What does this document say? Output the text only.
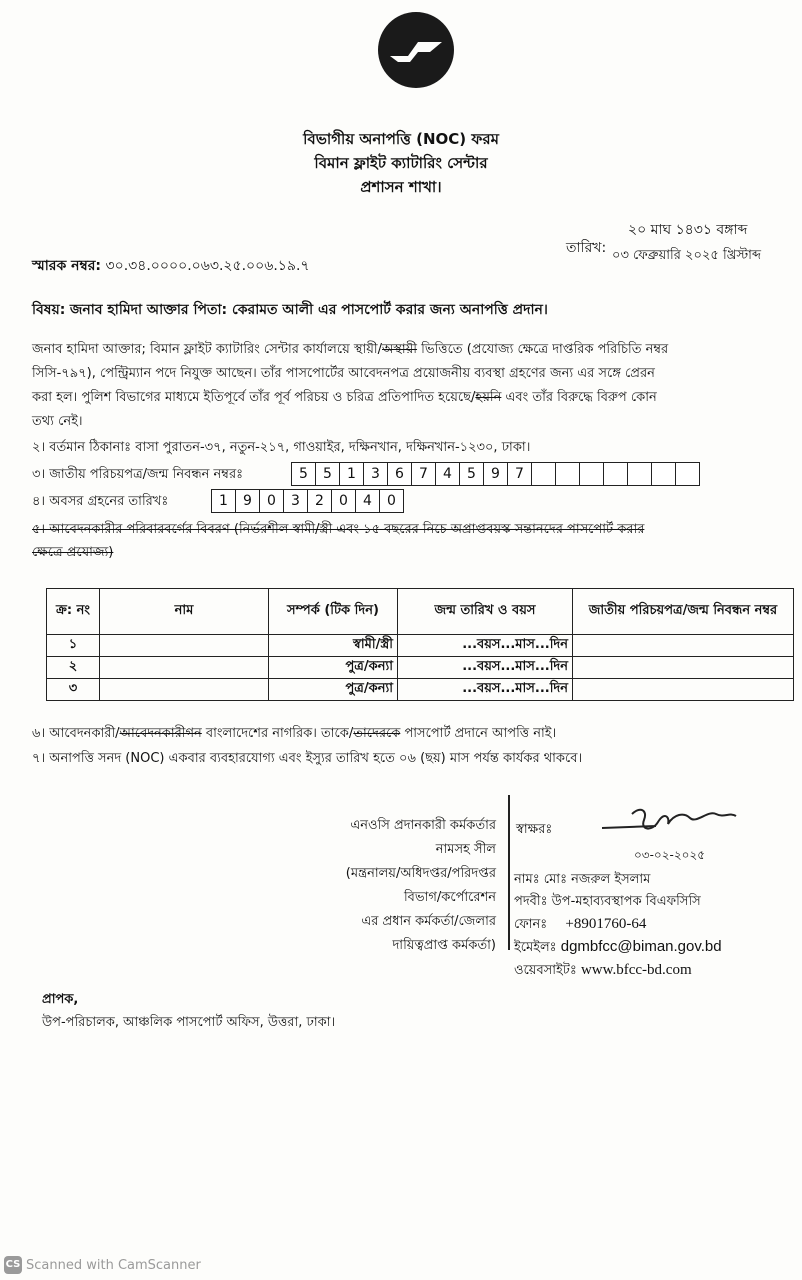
বিভাগীয় অনাপত্তি (NOC) ফরম
বিমান ফ্লাইট ক্যাটারিং সেন্টার
প্রশাসন শাখা।
২০ মাঘ ১৪৩১ বঙ্গাব্দ
তারিখ: ০৩ ফেব্রুয়ারি ২০২৫ খ্রিস্টাব্দ
স্মারক নম্বর: ৩০.৩৪.০০০০.০৬৩.২৫.০০৬.১৯.৭
বিষয়: জনাব হামিদা আক্তার পিতা: কেরামত আলী এর পাসপোর্ট করার জন্য অনাপত্তি প্রদান।
জনাব হামিদা আক্তার; বিমান ফ্লাইট ক্যাটারিং সেন্টার কার্যালয়ে স্থায়ী/অস্থায়ী ভিত্তিতে (প্রযোজ্য ক্ষেত্রে দাপ্তরিক পরিচিতি নম্বর
সিসি-৭৯৭), পেন্ট্রিম্যান পদে নিযুক্ত আছেন। তাঁর পাসপোর্টের আবেদনপত্র প্রয়োজনীয় ব্যবস্থা গ্রহণের জন্য এর সঙ্গে প্রেরন
করা হল। পুলিশ বিভাগের মাধ্যমে ইতিপূর্বে তাঁর পূর্ব পরিচয় ও চরিত্র প্রতিপাদিত হয়েছে/হয়নি এবং তাঁর বিরুদ্ধে বিরুপ কোন
তথ্য নেই।
২। বর্তমান ঠিকানাঃ বাসা পুরাতন-৩৭, নতুন-২১৭, গাওয়াইর, দক্ষিনখান, দক্ষিনখান-১২৩০, ঢাকা।
৩। জাতীয় পরিচয়পত্র/জন্ম নিবন্ধন নম্বরঃ	5	5	1	3	6	7	4	5	9	7
৪। অবসর গ্রহনের তারিখঃ	1	9	0	3	2	0	4	0
৫। আবেদনকারীর পরিবারবর্গের বিবরণ (নির্ভরশীল স্বামী/স্ত্রী এবং ১৫ বছরের নিচে অপ্রাপ্তবয়স্ক সন্তানদের পাসপোর্ট করার
ক্ষেত্রে প্রযোজ্য)
ক্র: নং	নাম	সম্পর্ক (টিক দিন)	জন্ম তারিখ ও বয়স	জাতীয় পরিচয়পত্র/জন্ম নিবন্ধন নম্বর
১		স্বামী/স্ত্রী	...বয়স...মাস...দিন	
২		পুত্র/কন্যা	...বয়স...মাস...দিন	
৩		পুত্র/কন্যা	...বয়স...মাস...দিন	
৬। আবেদনকারী/আবেদনকারীগন বাংলাদেশের নাগরিক। তাকে/তাদেরকে পাসপোর্ট প্রদানে আপত্তি নাই।
৭। অনাপত্তি সনদ (NOC) একবার ব্যবহারযোগ্য এবং ইস্যুর তারিখ হতে ০৬ (ছয়) মাস পর্যন্ত কার্যকর থাকবে।
এনওসি প্রদানকারী কর্মকর্তার
নামসহ সীল
(মন্ত্রনালয়/অধিদপ্তর/পরিদপ্তর
বিভাগ/কর্পোরেশন
এর প্রধান কর্মকর্তা/জেলার
দায়িত্বপ্রাপ্ত কর্মকর্তা)
স্বাক্ষরঃ
০৩-০২-২০২৫
নামঃ মোঃ নজরুল ইসলাম
পদবীঃ উপ-মহাব্যবস্থাপক বিএফসিসি
ফোনঃ +8901760-64
ইমেইলঃ dgmbfcc@biman.gov.bd
ওয়েবসাইটঃ www.bfcc-bd.com
প্রাপক,
উপ-পরিচালক, আঞ্চলিক পাসপোর্ট অফিস, উত্তরা, ঢাকা।
CS Scanned with CamScanner
